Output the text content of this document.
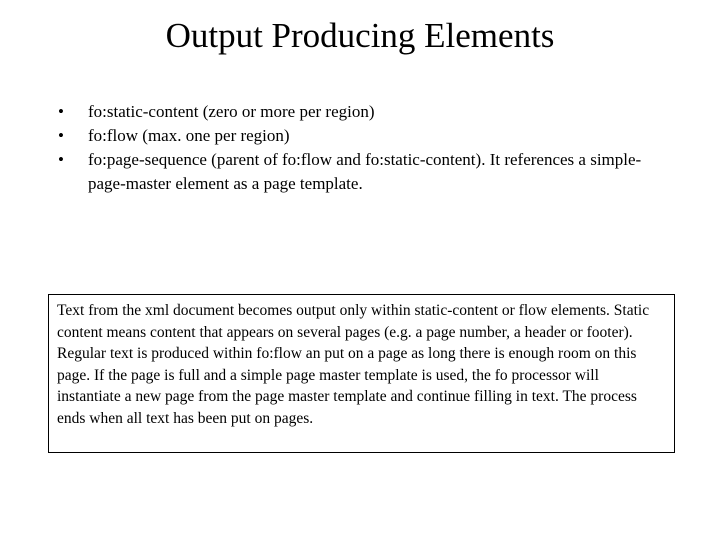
Output Producing Elements
• fo:static-content (zero or more per region)
• fo:flow (max. one per region)
• fo:page-sequence (parent of fo:flow and fo:static-content). It references a simple-page-master element as a page template.
Text from the xml document becomes output only within static-content or flow elements. Static content means content that appears on several pages (e.g. a page number, a header or footer). Regular text is produced within fo:flow an put on a page as long there is enough room on this page. If the page is full and a simple page master template is used, the fo processor will instantiate a new page from the page master template and continue filling in text. The process ends when all text has been put on pages.
